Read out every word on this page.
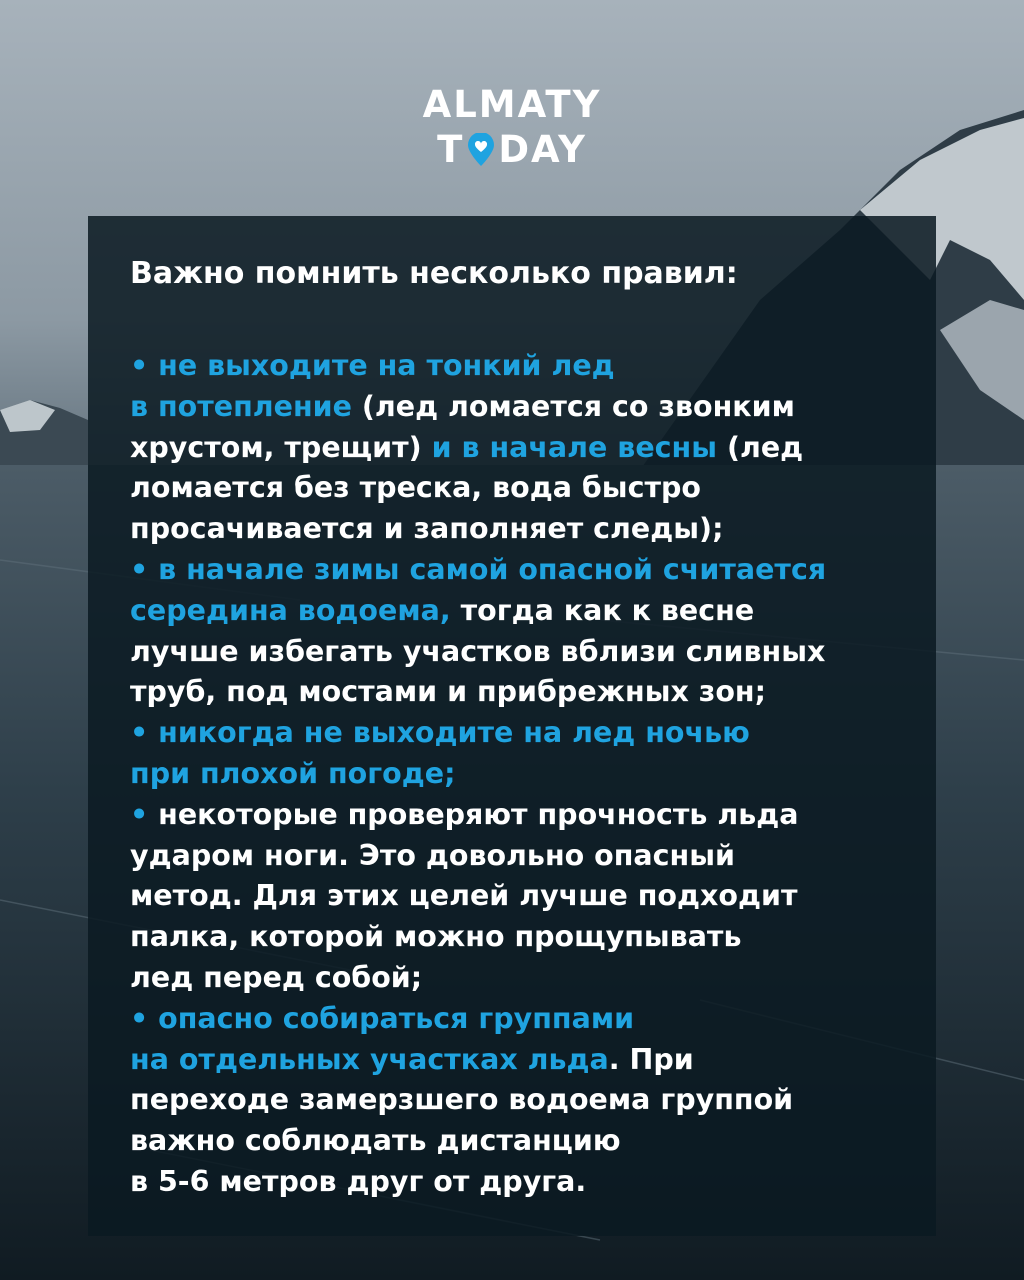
ALMATY
T DAY
Важно помнить несколько правил:
• не выходите на тонкий лед
в потепление (лед ломается со звонким
хрустом, трещит) и в начале весны (лед
ломается без треска, вода быстро
просачивается и заполняет следы);
• в начале зимы самой опасной считается
середина водоема, тогда как к весне
лучше избегать участков вблизи сливных
труб, под мостами и прибрежных зон;
• никогда не выходите на лед ночью
при плохой погоде;
• некоторые проверяют прочность льда
ударом ноги. Это довольно опасный
метод. Для этих целей лучше подходит
палка, которой можно прощупывать
лед перед собой;
• опасно собираться группами
на отдельных участках льда. При
переходе замерзшего водоема группой
важно соблюдать дистанцию
в 5-6 метров друг от друга.
